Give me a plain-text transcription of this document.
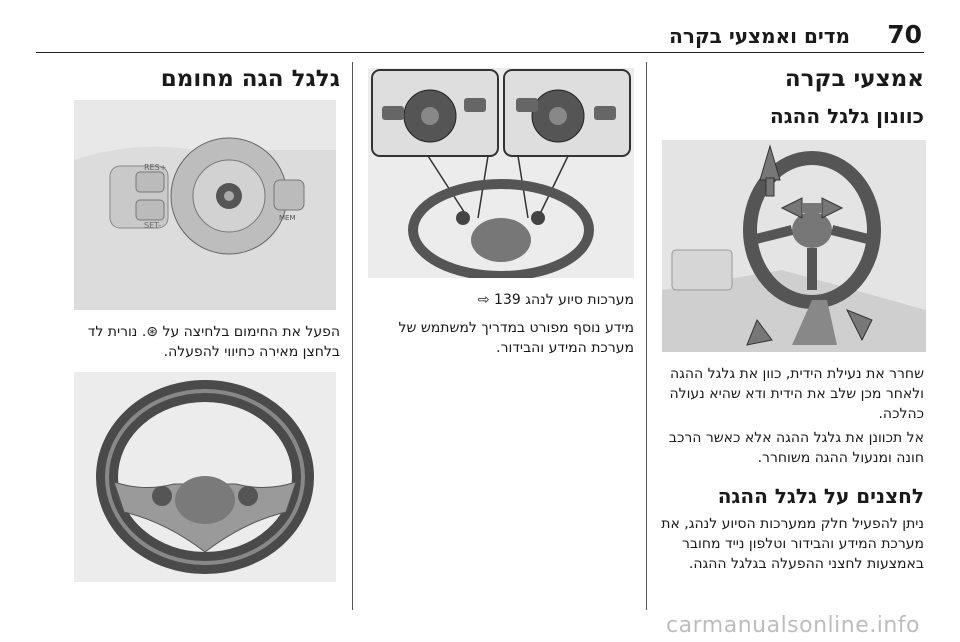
70
מדים ואמצעי בקרה
אמצעי בקרה
כוונון גלגל ההגה
שחרר את נעילת הידית, כוון את גלגל ההגה ולאחר מכן שלב את הידית ודא שהיא נעולה כהלכה.
אל תכוונן את גלגל ההגה אלא כאשר הרכב חונה ומנעול ההגה משוחרר.
לחצנים על גלגל ההגה
ניתן להפעיל חלק ממערכות הסיוע לנהג, את מערכת המידע והבידור וטלפון נייד מחובר באמצעות לחצני ההפעלה בגלגל ההגה.
מערכות סיוע לנהג ‎139 ⇨
מידע נוסף מפורט במדריך למשתמש של מערכת המידע והבידור.
גלגל הגה מחומם
RES+
SET-
MEM
הפעל את החימום בלחיצה על ⊛. נורית לד בלחצן מאירה כחיווי להפעלה.
carmanualsonline.info
